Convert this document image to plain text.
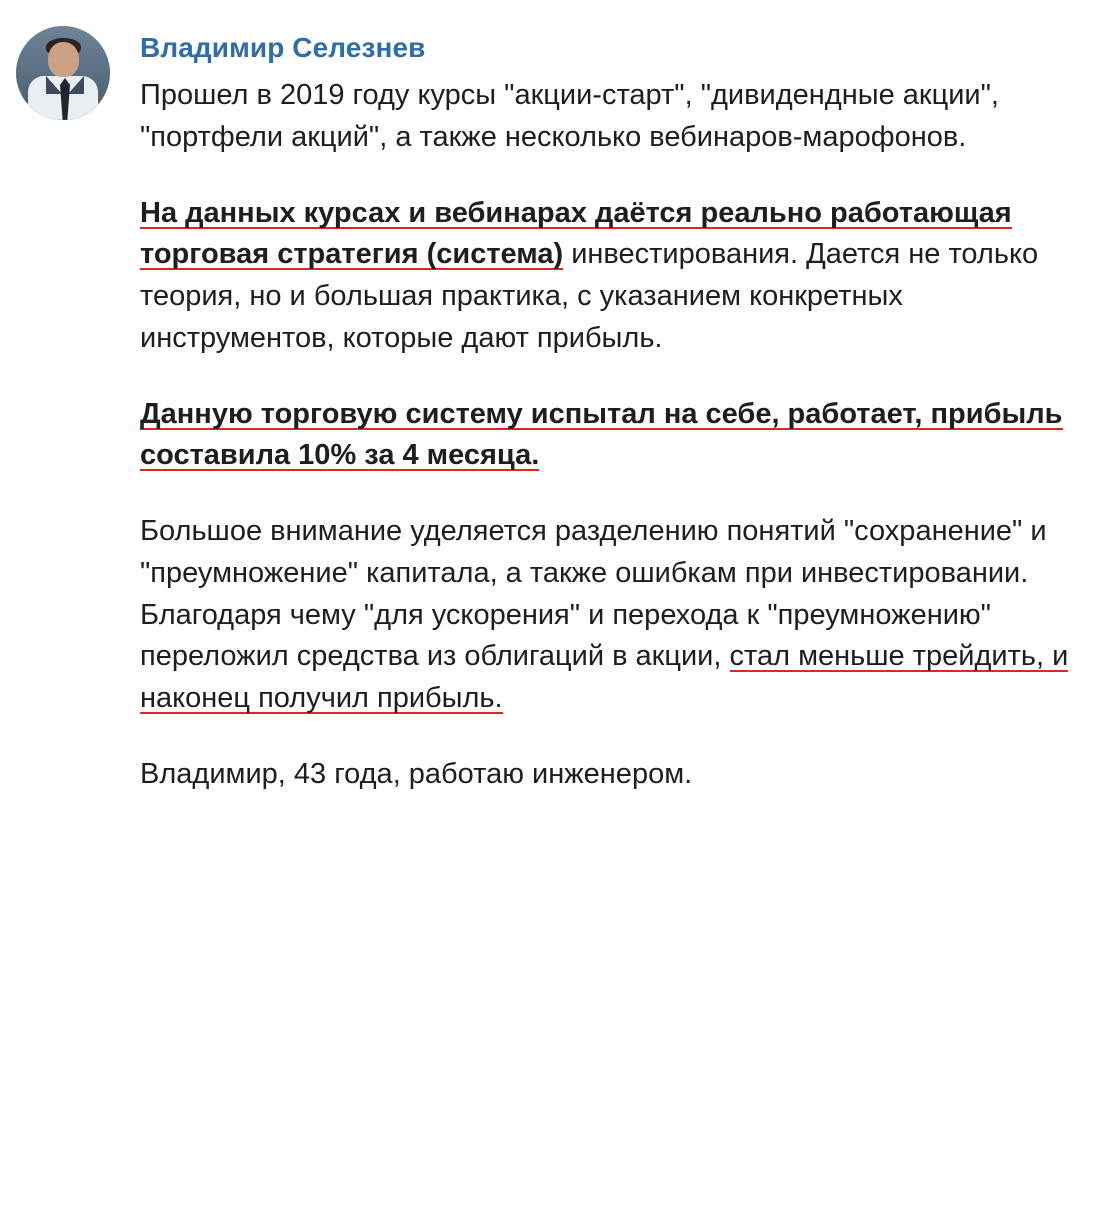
Владимир Селезнев
Прошел в 2019 году курсы "акции-старт", "дивидендные акции", "портфели акций", а также несколько вебинаров-марофонов.
На данных курсах и вебинарах даётся реально работающая торговая стратегия (система) инвестирования. Дается не только теория, но и большая практика, с указанием конкретных инструментов, которые дают прибыль.
Данную торговую систему испытал на себе, работает, прибыль составила 10% за 4 месяца.
Большое внимание уделяется разделению понятий "сохранение" и "преумножение" капитала, а также ошибкам при инвестировании. Благодаря чему "для ускорения" и перехода к "преумножению" переложил средства из облигаций в акции, стал меньше трейдить, и наконец получил прибыль.
Владимир, 43 года, работаю инженером.
